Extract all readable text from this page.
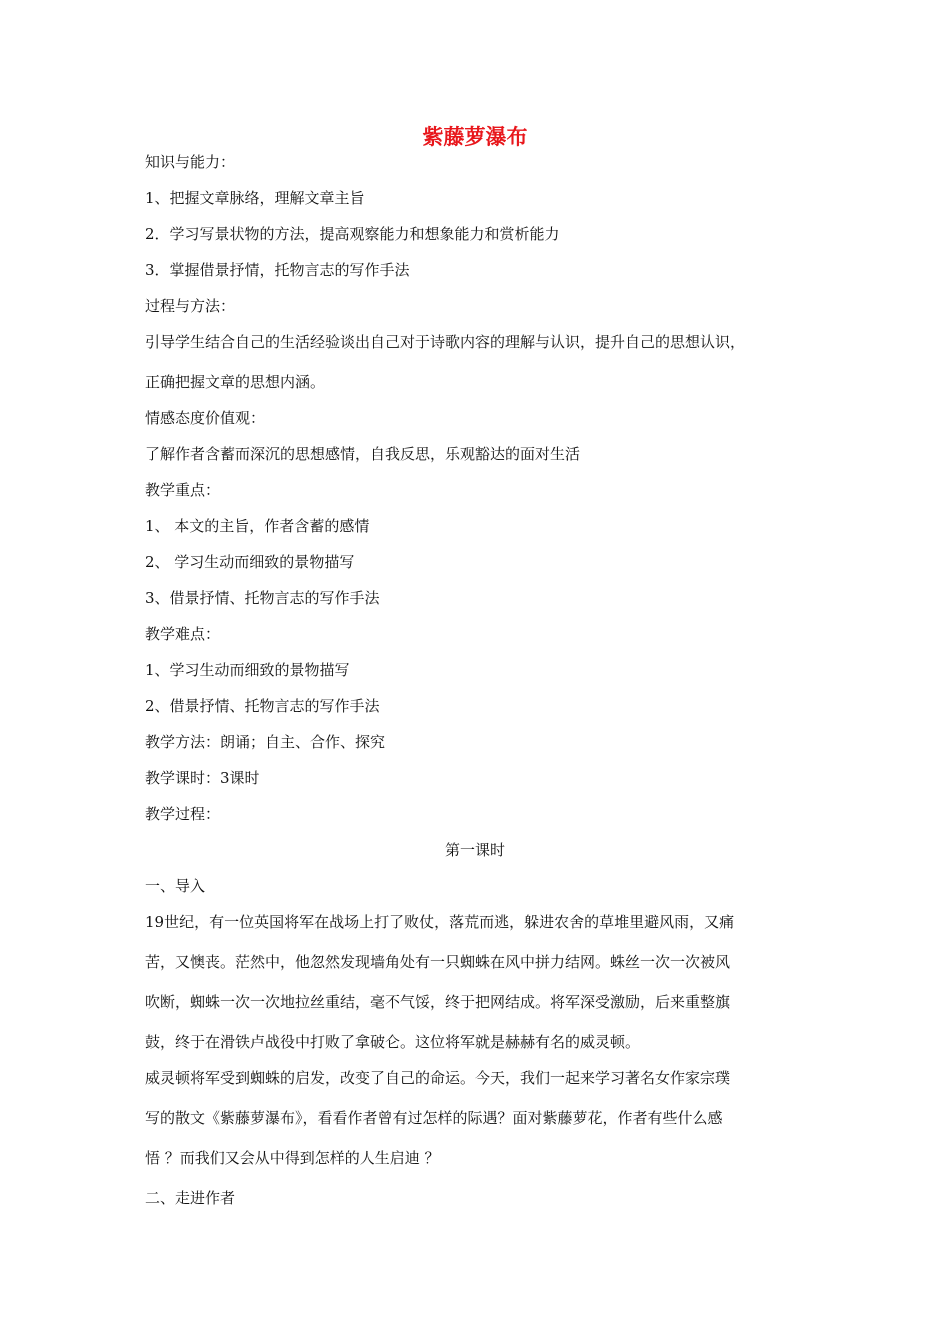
紫藤萝瀑布
知识与能力：
1、把握文章脉络，理解文章主旨
2．学习写景状物的方法，提高观察能力和想象能力和赏析能力
3．掌握借景抒情，托物言志的写作手法
过程与方法：
引导学生结合自己的生活经验谈出自己对于诗歌内容的理解与认识，提升自己的思想认识，
正确把握文章的思想内涵。
情感态度价值观：
了解作者含蓄而深沉的思想感情，自我反思，乐观豁达的面对生活
教学重点：
1、 本文的主旨，作者含蓄的感情
2、 学习生动而细致的景物描写
3、借景抒情、托物言志的写作手法
教学难点：
1、学习生动而细致的景物描写
2、借景抒情、托物言志的写作手法
教学方法：朗诵；自主、合作、探究
教学课时：3课时
教学过程：
第一课时
一、导入
19世纪，有一位英国将军在战场上打了败仗，落荒而逃，躲进农舍的草堆里避风雨，又痛
苦，又懊丧。茫然中，他忽然发现墙角处有一只蜘蛛在风中拼力结网。蛛丝一次一次被风
吹断，蜘蛛一次一次地拉丝重结，毫不气馁，终于把网结成。将军深受激励，后来重整旗
鼓，终于在滑铁卢战役中打败了拿破仑。这位将军就是赫赫有名的威灵顿。
威灵顿将军受到蜘蛛的启发，改变了自己的命运。今天，我们一起来学习著名女作家宗璞
写的散文《紫藤萝瀑布》，看看作者曾有过怎样的际遇？面对紫藤萝花，作者有些什么感
悟 ？而我们又会从中得到怎样的人生启迪 ？
二、走进作者
